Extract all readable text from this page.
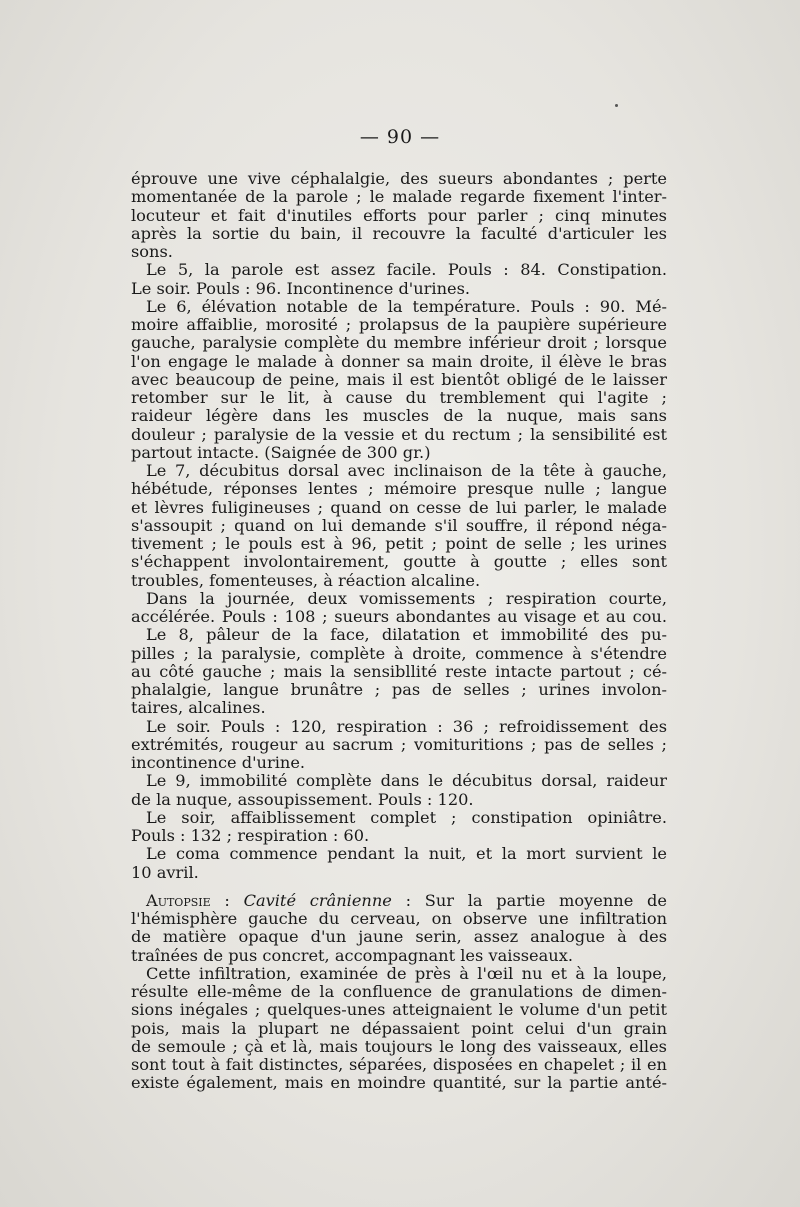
— 90 —
éprouve une vive céphalalgie, des sueurs abondantes ; perte
momentanée de la parole ; le malade regarde fixement l'inter-
locuteur et fait d'inutiles efforts pour parler ; cinq minutes
après la sortie du bain, il recouvre la faculté d'articuler les
sons.
Le 5, la parole est assez facile. Pouls : 84. Constipation.
Le soir. Pouls : 96. Incontinence d'urines.
Le 6, élévation notable de la température. Pouls : 90. Mé-
moire affaiblie, morosité ; prolapsus de la paupière supérieure
gauche, paralysie complète du membre inférieur droit ; lorsque
l'on engage le malade à donner sa main droite, il élève le bras
avec beaucoup de peine, mais il est bientôt obligé de le laisser
retomber sur le lit, à cause du tremblement qui l'agite ;
raideur légère dans les muscles de la nuque, mais sans
douleur ; paralysie de la vessie et du rectum ; la sensibilité est
partout intacte. (Saignée de 300 gr.)
Le 7, décubitus dorsal avec inclinaison de la tête à gauche,
hébétude, réponses lentes ; mémoire presque nulle ; langue
et lèvres fuligineuses ; quand on cesse de lui parler, le malade
s'assoupit ; quand on lui demande s'il souffre, il répond néga-
tivement ; le pouls est à 96, petit ; point de selle ; les urines
s'échappent involontairement, goutte à goutte ; elles sont
troubles, fomenteuses, à réaction alcaline.
Dans la journée, deux vomissements ; respiration courte,
accélérée. Pouls : 108 ; sueurs abondantes au visage et au cou.
Le 8, pâleur de la face, dilatation et immobilité des pu-
pilles ; la paralysie, complète à droite, commence à s'étendre
au côté gauche ; mais la sensibllité reste intacte partout ; cé-
phalalgie, langue brunâtre ; pas de selles ; urines involon-
taires, alcalines.
Le soir. Pouls : 120, respiration : 36 ; refroidissement des
extrémités, rougeur au sacrum ; vomituritions ; pas de selles ;
incontinence d'urine.
Le 9, immobilité complète dans le décubitus dorsal, raideur
de la nuque, assoupissement. Pouls : 120.
Le soir, affaiblissement complet ; constipation opiniâtre.
Pouls : 132 ; respiration : 60.
Le coma commence pendant la nuit, et la mort survient le
10 avril.
Autopsie : Cavité crânienne : Sur la partie moyenne de
l'hémisphère gauche du cerveau, on observe une infiltration
de matière opaque d'un jaune serin, assez analogue à des
traînées de pus concret, accompagnant les vaisseaux.
Cette infiltration, examinée de près à l'œil nu et à la loupe,
résulte elle-même de la confluence de granulations de dimen-
sions inégales ; quelques-unes atteignaient le volume d'un petit
pois, mais la plupart ne dépassaient point celui d'un grain
de semoule ; çà et là, mais toujours le long des vaisseaux, elles
sont tout à fait distinctes, séparées, disposées en chapelet ; il en
existe également, mais en moindre quantité, sur la partie anté-
